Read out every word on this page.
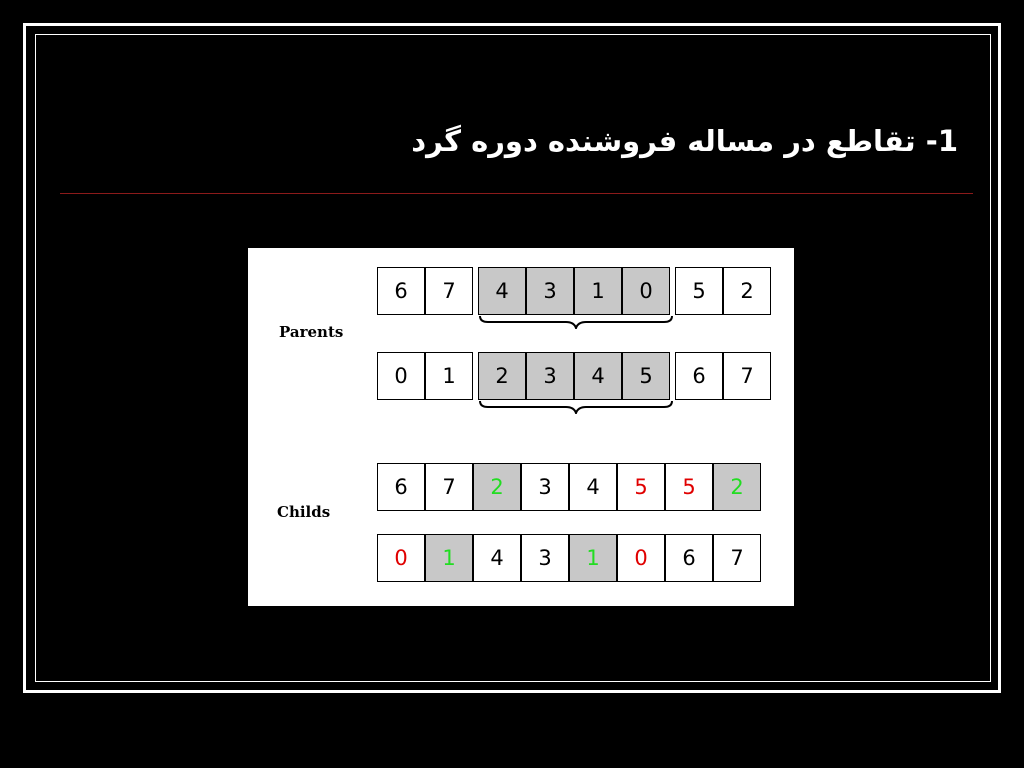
1- تقاطع در مساله فروشنده دوره گرد
Parents
Childs
6	7	4	3	1	0	5	2
0	1	2	3	4	5	6	7
6	7	2	3	4	5	5	2
0	1	4	3	1	0	6	7
